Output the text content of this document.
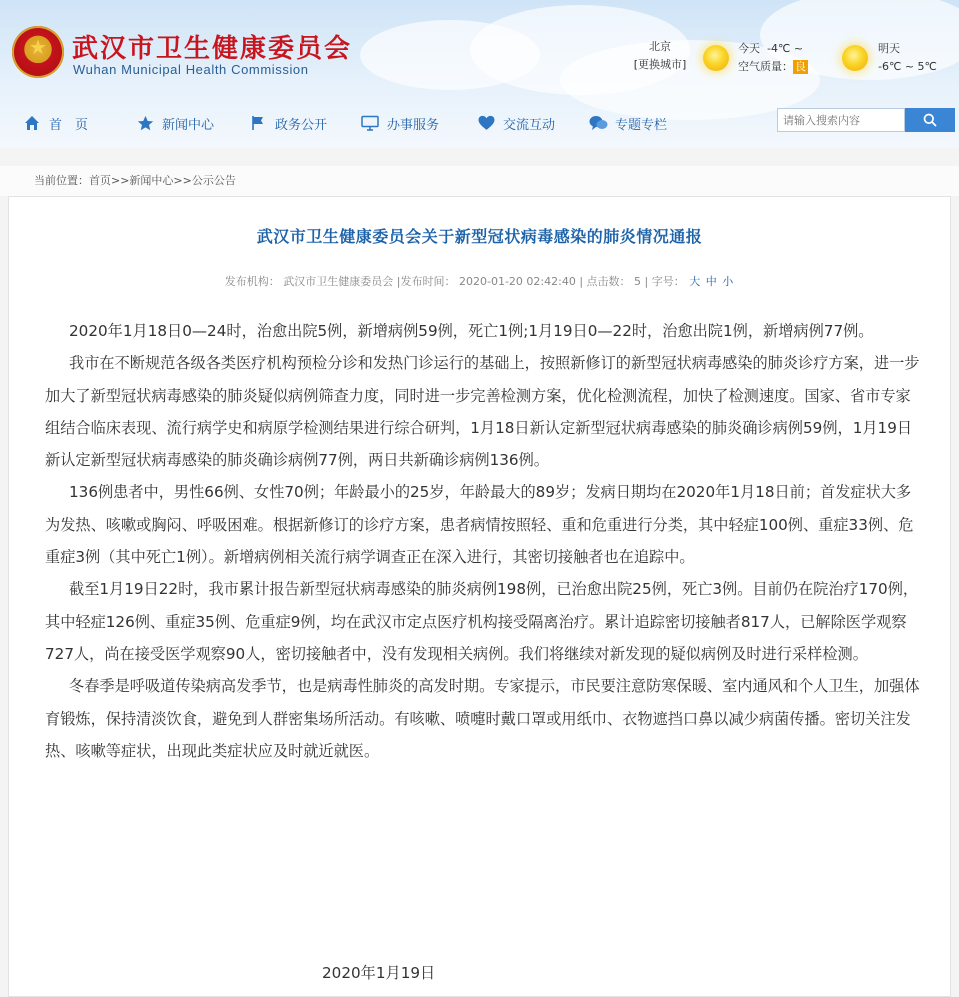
★
武汉市卫生健康委员会
Wuhan Municipal Health Commission
北京
[更换城市]
今天 -4℃ ~
空气质量： 良
明天
-6℃ ~ 5℃
首　页	新闻中心	政务公开	办事服务	交流互动	专题专栏
请输入搜索内容
当前位置：首页>>新闻中心>>公示公告
武汉市卫生健康委员会关于新型冠状病毒感染的肺炎情况通报
发布机构： 武汉市卫生健康委员会 |发布时间： 2020-01-20 02:42:40 | 点击数： 5 | 字号： 大 中 小

2020年1月18日0—24时，治愈出院5例，新增病例59例，死亡1例;1月19日0—22时，治愈出院1例，新增病例77例。

我市在不断规范各级各类医疗机构预检分诊和发热门诊运行的基础上，按照新修订的新型冠状病毒感染的肺炎诊疗方案，进一步加大了新型冠状病毒感染的肺炎疑似病例筛查力度，同时进一步完善检测方案，优化检测流程，加快了检测速度。国家、省市专家组结合临床表现、流行病学史和病原学检测结果进行综合研判，1月18日新认定新型冠状病毒感染的肺炎确诊病例59例，1月19日新认定新型冠状病毒感染的肺炎确诊病例77例，两日共新确诊病例136例。

136例患者中，男性66例、女性70例；年龄最小的25岁，年龄最大的89岁；发病日期均在2020年1月18日前；首发症状大多为发热、咳嗽或胸闷、呼吸困难。根据新修订的诊疗方案，患者病情按照轻、重和危重进行分类，其中轻症100例、重症33例、危重症3例（其中死亡1例）。新增病例相关流行病学调查正在深入进行，其密切接触者也在追踪中。

截至1月19日22时，我市累计报告新型冠状病毒感染的肺炎病例198例，已治愈出院25例，死亡3例。目前仍在院治疗170例，其中轻症126例、重症35例、危重症9例，均在武汉市定点医疗机构接受隔离治疗。累计追踪密切接触者817人，已解除医学观察727人，尚在接受医学观察90人，密切接触者中，没有发现相关病例。我们将继续对新发现的疑似病例及时进行采样检测。

冬春季是呼吸道传染病高发季节，也是病毒性肺炎的高发时期。专家提示，市民要注意防寒保暖、室内通风和个人卫生，加强体育锻炼，保持清淡饮食，避免到人群密集场所活动。有咳嗽、喷嚏时戴口罩或用纸巾、衣物遮挡口鼻以减少病菌传播。密切关注发热、咳嗽等症状，出现此类症状应及时就近就医。

2020年1月19日
